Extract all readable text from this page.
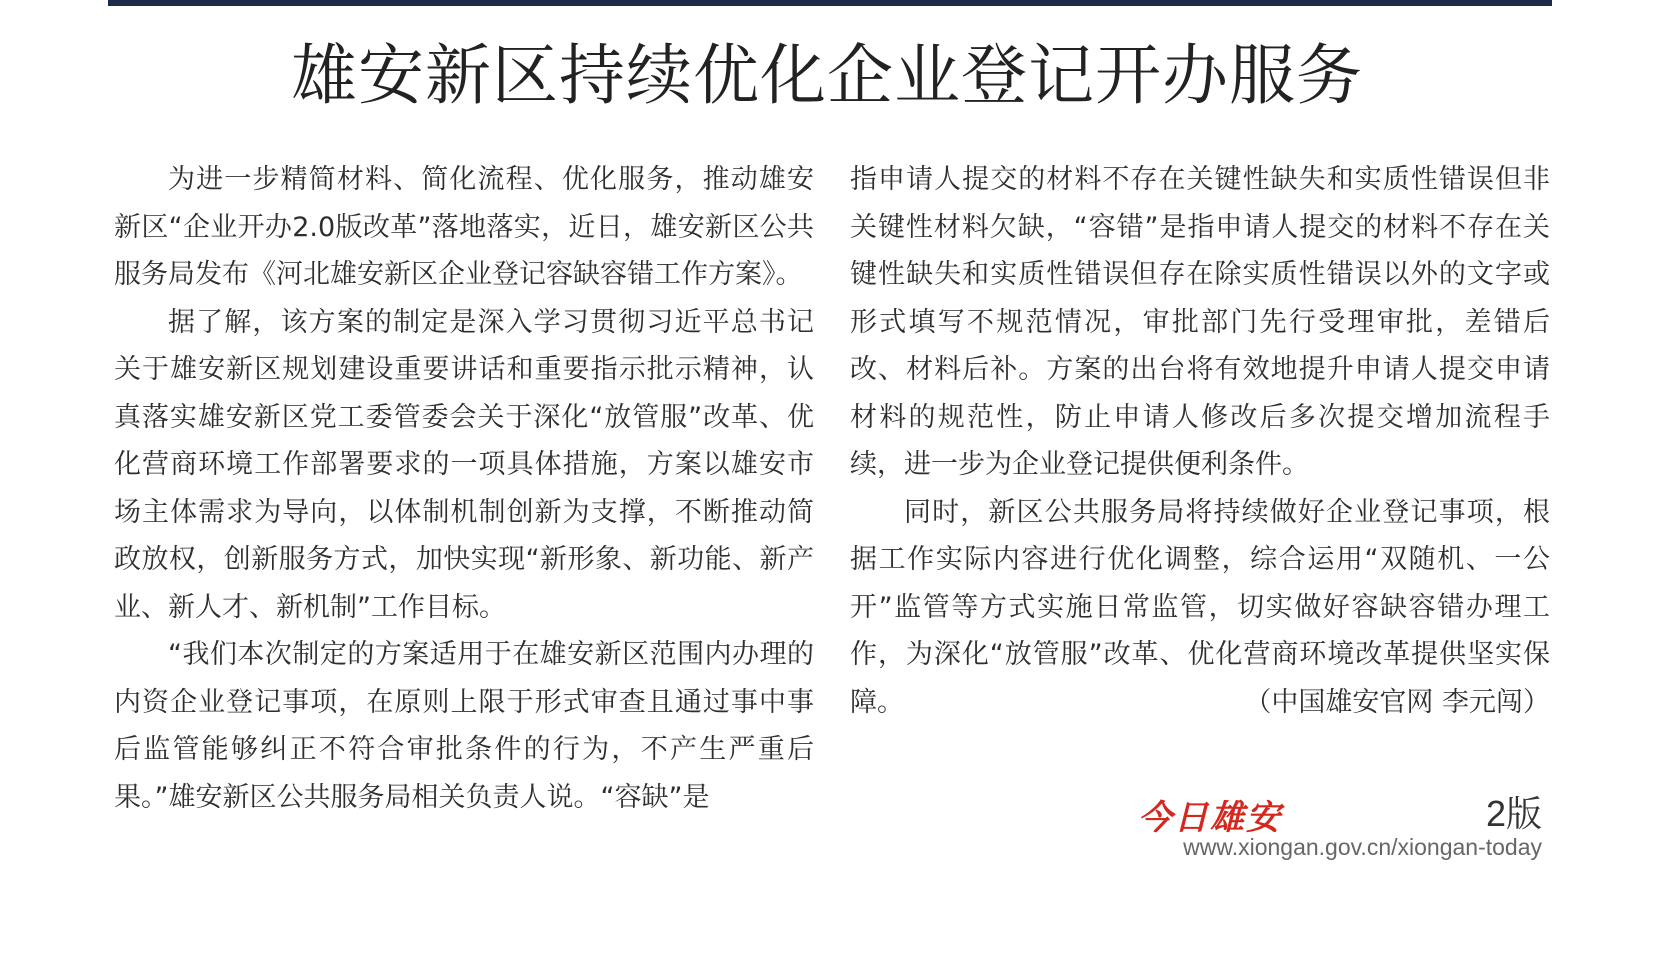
雄安新区持续优化企业登记开办服务

为进一步精简材料、简化流程、优化服务，推动雄安新区“企业开办2.0版改革”落地落实，近日，雄安新区公共服务局发布《河北雄安新区企业登记容缺容错工作方案》。

据了解，该方案的制定是深入学习贯彻习近平总书记关于雄安新区规划建设重要讲话和重要指示批示精神，认真落实雄安新区党工委管委会关于深化“放管服”改革、优化营商环境工作部署要求的一项具体措施，方案以雄安市场主体需求为导向，以体制机制创新为支撑，不断推动简政放权，创新服务方式，加快实现“新形象、新功能、新产业、新人才、新机制”工作目标。

“我们本次制定的方案适用于在雄安新区范围内办理的内资企业登记事项，在原则上限于形式审查且通过事中事后监管能够纠正不符合审批条件的行为，不产生严重后果。”雄安新区公共服务局相关负责人说。“容缺”是

指申请人提交的材料不存在关键性缺失和实质性错误但非关键性材料欠缺，“容错”是指申请人提交的材料不存在关键性缺失和实质性错误但存在除实质性错误以外的文字或形式填写不规范情况，审批部门先行受理审批，差错后改、材料后补。方案的出台将有效地提升申请人提交申请材料的规范性，防止申请人修改后多次提交增加流程手续，进一步为企业登记提供便利条件。

同时，新区公共服务局将持续做好企业登记事项，根据工作实际内容进行优化调整，综合运用“双随机、一公开”监管等方式实施日常监管，切实做好容缺容错办理工作，为深化“放管服”改革、优化营商环境改革提供坚实保障。	（中国雄安官网 李元闯）

今日雄安	2版
www.xiongan.gov.cn/xiongan-today
